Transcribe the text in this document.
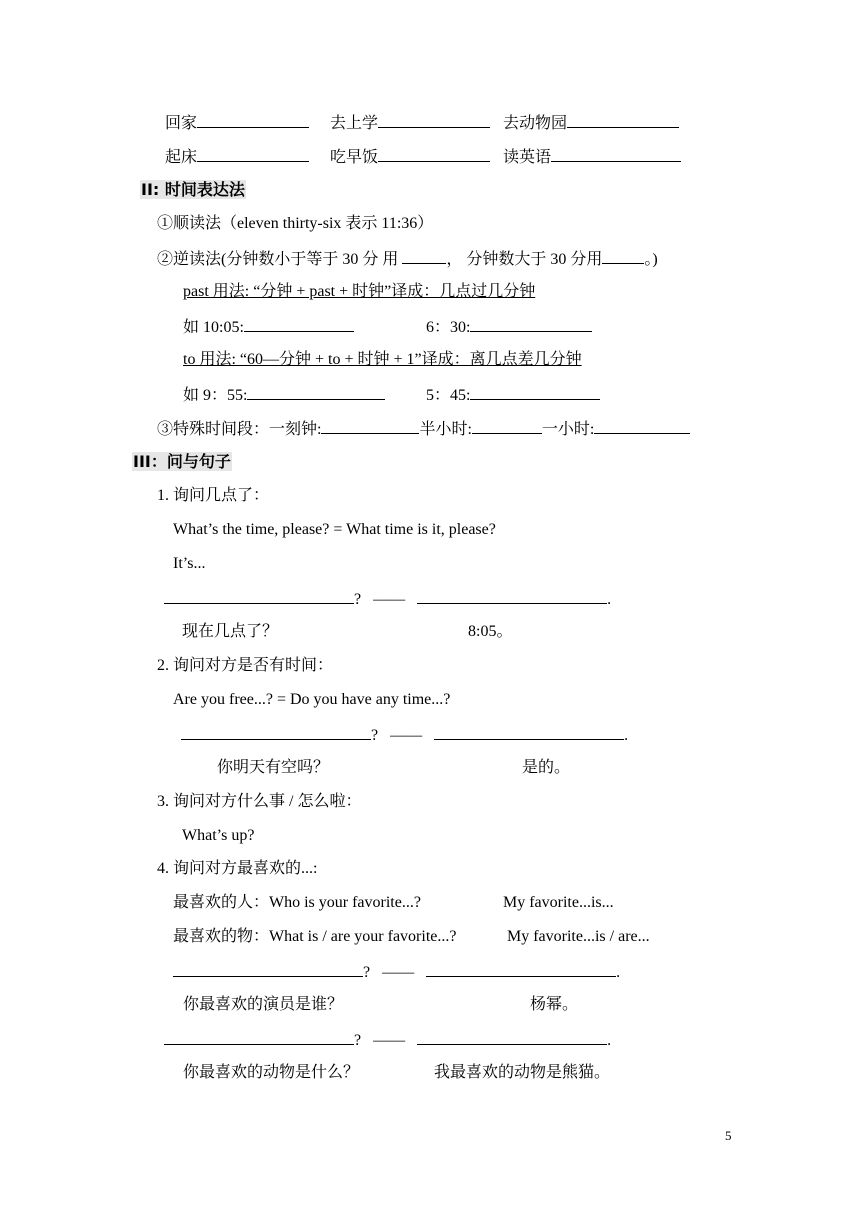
回家	去上学	去动物园
起床	吃早饭	读英语
II: 时间表达法
①顺读法（eleven thirty-six 表示 11:36）
②逆读法(分钟数小于等于 30 分 用	， 分钟数大于 30 分用	。)
past 用法: “分钟 + past + 时钟”译成：几点过几分钟
如 10:05:	6：30:
to 用法: “60—分钟 + to + 时钟 + 1”译成：离几点差几分钟
如 9：55:	5：45:
③特殊时间段：一刻钟:	半小时:	一小时:
III：问与句子
1. 询问几点了：
What’s the time, please? = What time is it, please?
It’s...
? ——	.
现在几点了？	8:05。
2. 询问对方是否有时间：
Are you free...? = Do you have any time...?
? ——	.
你明天有空吗？	是的。
3. 询问对方什么事 / 怎么啦：
What’s up?
4. 询问对方最喜欢的...:
最喜欢的人：Who is your favorite...?	My favorite...is...
最喜欢的物：What is / are your favorite...?	My favorite...is / are...
? ——	.
你最喜欢的演员是谁？	杨幂。
? ——	.
你最喜欢的动物是什么？	我最喜欢的动物是熊猫。
5
